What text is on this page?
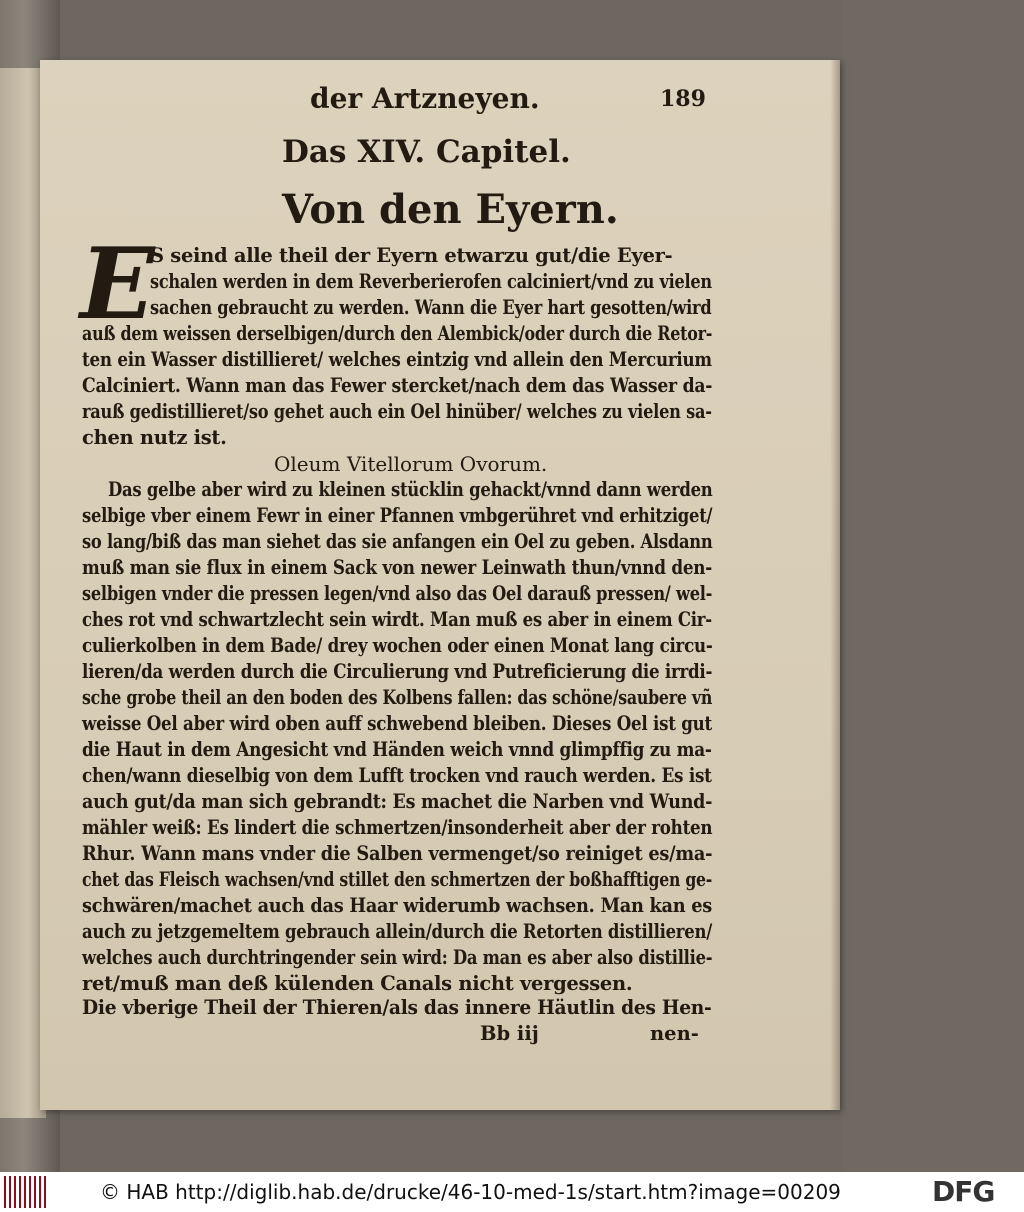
der Artzneyen.	189
Das XIV. Capitel.
Von den Eyern.
E
S seind alle theil der Eyern etwarzu gut/die Eyer-
schalen werden in dem Reverberierofen calciniert/vnd zu vielen
sachen gebraucht zu werden. Wann die Eyer hart gesotten/wird
auß dem weissen derselbigen/durch den Alembick/oder durch die Retor-
ten ein Wasser distillieret/ welches eintzig vnd allein den Mercurium
Calciniert. Wann man das Fewer stercket/nach dem das Wasser da-
rauß gedistillieret/so gehet auch ein Oel hinüber/ welches zu vielen sa-
chen nutz ist.
Oleum Vitellorum Ovorum.
Das gelbe aber wird zu kleinen stücklin gehackt/vnnd dann werden
selbige vber einem Fewr in einer Pfannen vmbgerühret vnd erhitziget/
so lang/biß das man siehet das sie anfangen ein Oel zu geben. Alsdann
muß man sie flux in einem Sack von newer Leinwath thun/vnnd den-
selbigen vnder die pressen legen/vnd also das Oel darauß pressen/ wel-
ches rot vnd schwartzlecht sein wirdt. Man muß es aber in einem Cir-
culierkolben in dem Bade/ drey wochen oder einen Monat lang circu-
lieren/da werden durch die Circulierung vnd Putreficierung die irrdi-
sche grobe theil an den boden des Kolbens fallen: das schöne/saubere vñ
weisse Oel aber wird oben auff schwebend bleiben. Dieses Oel ist gut
die Haut in dem Angesicht vnd Händen weich vnnd glimpffig zu ma-
chen/wann dieselbig von dem Lufft trocken vnd rauch werden. Es ist
auch gut/da man sich gebrandt: Es machet die Narben vnd Wund-
mähler weiß: Es lindert die schmertzen/insonderheit aber der rohten
Rhur. Wann mans vnder die Salben vermenget/so reiniget es/ma-
chet das Fleisch wachsen/vnd stillet den schmertzen der boßhafftigen ge-
schwären/machet auch das Haar widerumb wachsen. Man kan es
auch zu jetzgemeltem gebrauch allein/durch die Retorten distillieren/
welches auch durchtringender sein wird: Da man es aber also distillie-
ret/muß man deß külenden Canals nicht vergessen.
Die vberige Theil der Thieren/als das innere Häutlin des Hen-
Bb iij	nen-
© HAB http://diglib.hab.de/drucke/46-10-med-1s/start.htm?image=00209	DFG
